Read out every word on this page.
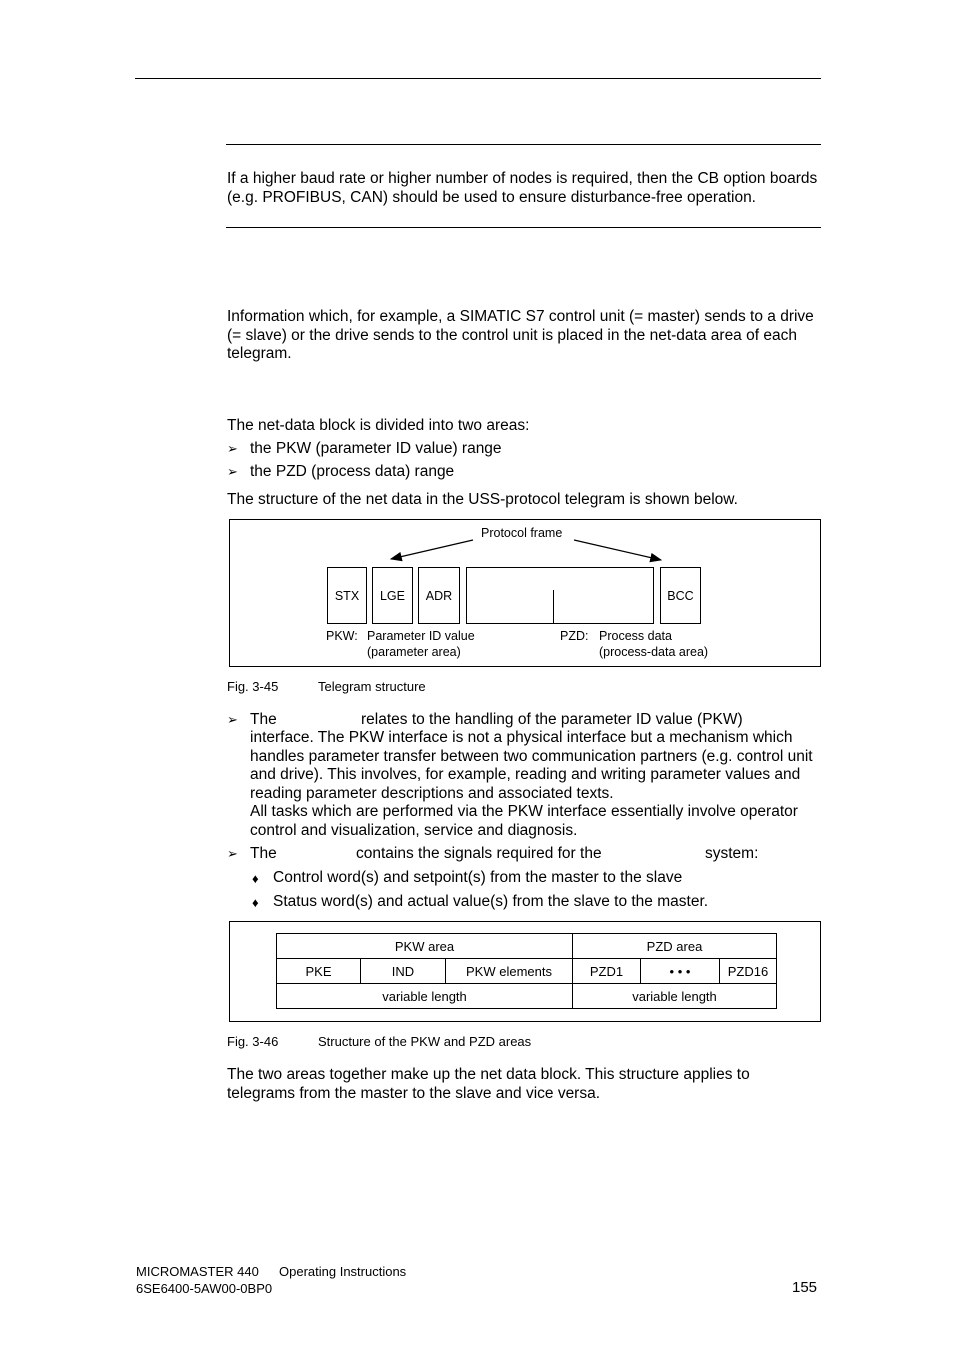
If a higher baud rate or higher number of nodes is required, then the CB option boards (e.g. PROFIBUS, CAN) should be used to ensure disturbance-free operation.
Information which, for example, a SIMATIC S7 control unit (= master) sends to a drive (= slave) or the drive sends to the control unit is placed in the net-data area of each telegram.
The net-data block is divided into two areas:
➢ the PKW (parameter ID value) range
➢ the PZD (process data) range
The structure of the net data in the USS-protocol telegram is shown below.
Protocol frame
STX	LGE	ADR	BCC
PKW: Parameter ID value
(parameter area)
PZD: Process data
(process-data area)
Fig. 3-45	Telegram structure
➢ The	relates to the handling of the parameter ID value (PKW)
interface. The PKW interface is not a physical interface but a mechanism which handles parameter transfer between two communication partners (e.g. control unit and drive). This involves, for example, reading and writing parameter values and reading parameter descriptions and associated texts.
All tasks which are performed via the PKW interface essentially involve operator control and visualization, service and diagnosis.
➢ The	contains the signals required for the	system:
♦ Control word(s) and setpoint(s) from the master to the slave
♦ Status word(s) and actual value(s) from the slave to the master.
PKW area	PZD area
PKE	IND	PKW elements	PZD1	• • •	PZD16
variable length	variable length
Fig. 3-46	Structure of the PKW and PZD areas
The two areas together make up the net data block. This structure applies to telegrams from the master to the slave and vice versa.
MICROMASTER 440 Operating Instructions
6SE6400-5AW00-0BP0	155
